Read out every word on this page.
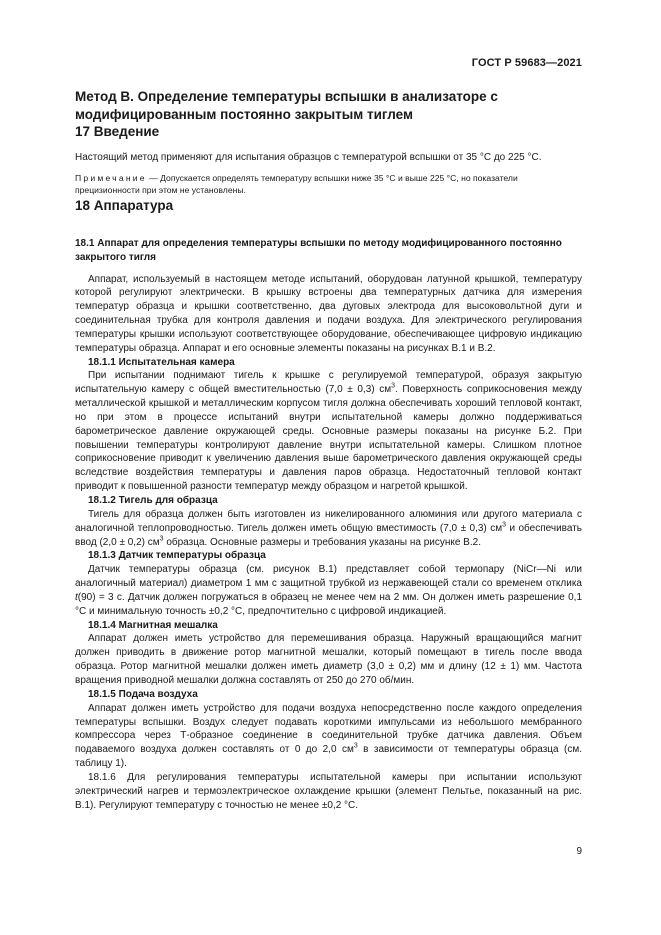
ГОСТ Р 59683—2021

Метод В. Определение температуры вспышки в анализаторе с модифицированным постоянно закрытым тиглем

17 Введение

Настоящий метод применяют для испытания образцов с температурой вспышки от 35 °С до 225 °С.

Примечание — Допускается определять температуру вспышки ниже 35 °С и выше 225 °С, но показатели прецизионности при этом не установлены.

18 Аппаратура

18.1 Аппарат для определения температуры вспышки по методу модифицированного постоянно закрытого тигля

Аппарат, используемый в настоящем методе испытаний, оборудован латунной крышкой, температуру которой регулируют электрически. В крышку встроены два температурных датчика для измерения температур образца и крышки соответственно, два дуговых электрода для высоковольтной дуги и соединительная трубка для контроля давления и подачи воздуха. Для электрического регулирования температуры крышки используют соответствующее оборудование, обеспечивающее цифровую индикацию температуры образца. Аппарат и его основные элементы показаны на рисунках В.1 и В.2.

18.1.1 Испытательная камера

При испытании поднимают тигель к крышке с регулируемой температурой, образуя закрытую испытательную камеру с общей вместительностью (7,0 ± 0,3) $см^3$. Поверхность соприкосновения между металлической крышкой и металлическим корпусом тигля должна обеспечивать хороший тепловой контакт, но при этом в процессе испытаний внутри испытательной камеры должно поддерживаться барометрическое давление окружающей среды. Основные размеры показаны на рисунке Б.2. При повышении температуры контролируют давление внутри испытательной камеры. Слишком плотное соприкосновение приводит к увеличению давления выше барометрического давления окружающей среды вследствие воздействия температуры и давления паров образца. Недостаточный тепловой контакт приводит к повышенной разности температур между образцом и нагретой крышкой.

18.1.2 Тигель для образца

Тигель для образца должен быть изготовлен из никелированного алюминия или другого материала с аналогичной теплопроводностью. Тигель должен иметь общую вместимость (7,0 ± 0,3) $см^3$ и обеспечивать ввод (2,0 ± 0,2) $см^3$ образца. Основные размеры и требования указаны на рисунке В.2.

18.1.3 Датчик температуры образца

Датчик температуры образца (см. рисунок В.1) представляет собой термопару (NiCr—Ni или аналогичный материал) диаметром 1 мм с защитной трубкой из нержавеющей стали со временем отклика t(90) = 3 с. Датчик должен погружаться в образец не менее чем на 2 мм. Он должен иметь разрешение 0,1 °С и минимальную точность ±0,2 °С, предпочтительно с цифровой индикацией.

18.1.4 Магнитная мешалка

Аппарат должен иметь устройство для перемешивания образца. Наружный вращающийся магнит должен приводить в движение ротор магнитной мешалки, который помещают в тигель после ввода образца. Ротор магнитной мешалки должен иметь диаметр (3,0 ± 0,2) мм и длину (12 ± 1) мм. Частота вращения приводной мешалки должна составлять от 250 до 270 об/мин.

18.1.5 Подача воздуха

Аппарат должен иметь устройство для подачи воздуха непосредственно после каждого определения температуры вспышки. Воздух следует подавать короткими импульсами из небольшого мембранного компрессора через Т-образное соединение в соединительной трубке датчика давления. Объем подаваемого воздуха должен составлять от 0 до 2,0 $см^3$ в зависимости от температуры образца (см. таблицу 1).

18.1.6 Для регулирования температуры испытательной камеры при испытании используют электрический нагрев и термоэлектрическое охлаждение крышки (элемент Пельтье, показанный на рис. В.1). Регулируют температуру с точностью не менее ±0,2 °С.

9
